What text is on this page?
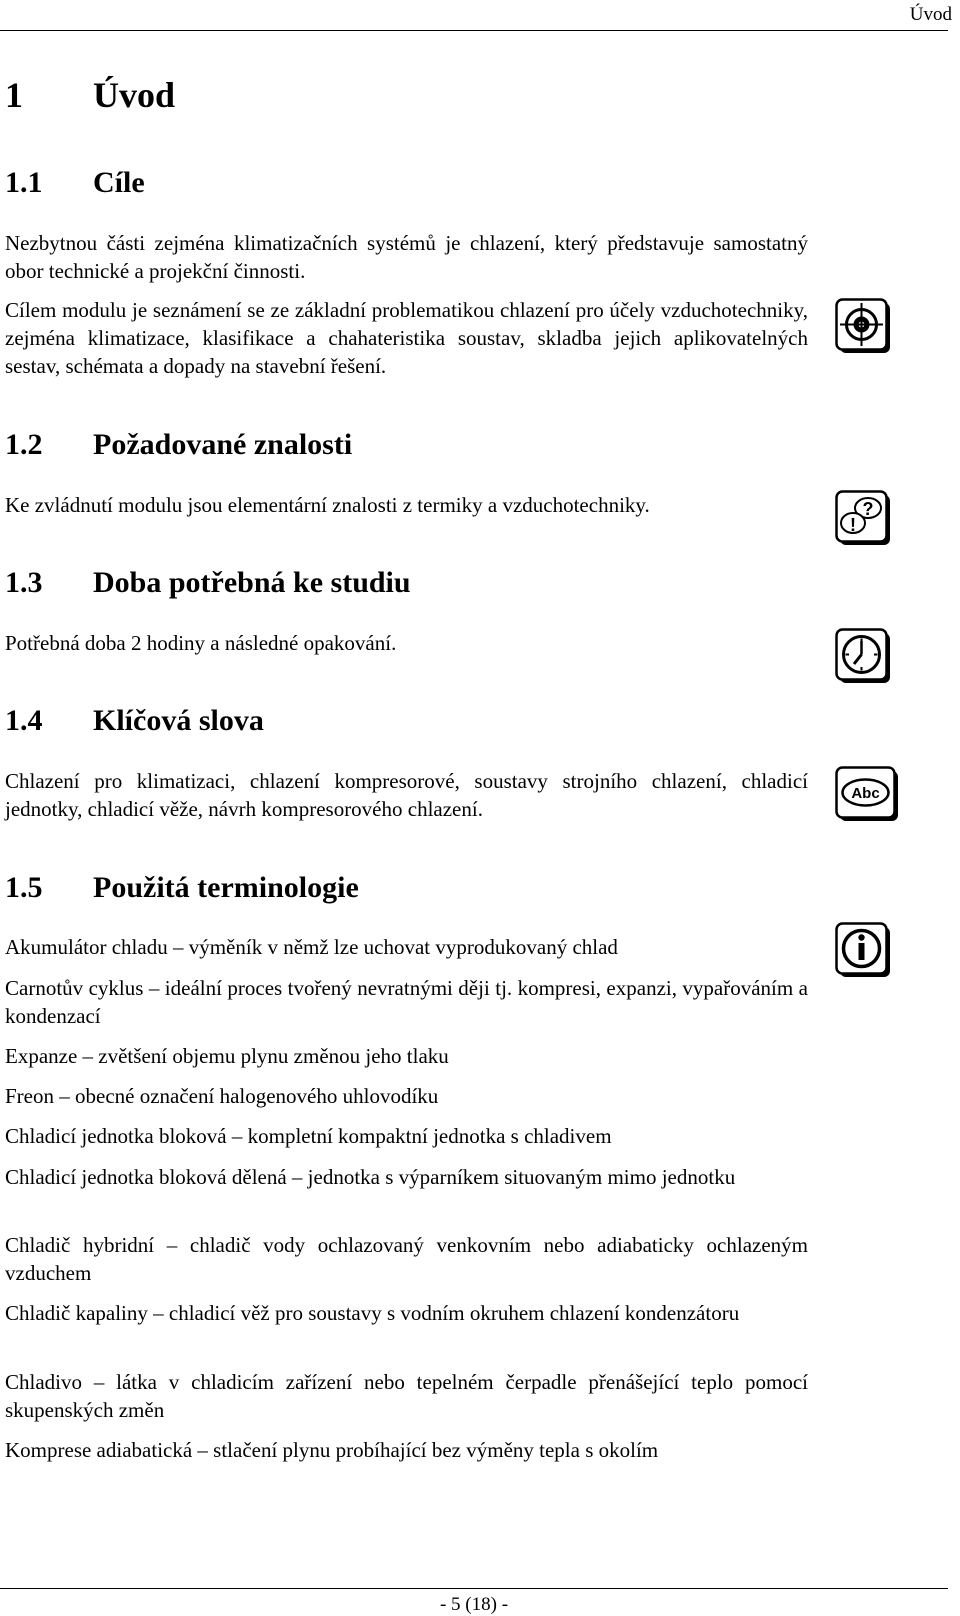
Úvod
1 Úvod
1.1 Cíle
Nezbytnou části zejména klimatizačních systémů je chlazení, který představuje samostatný obor technické a projekční činnosti.
Cílem modulu je seznámení se ze základní problematikou chlazení pro účely vzduchotechniky, zejména klimatizace, klasifikace a chahateristika soustav, skladba jejich aplikovatelných sestav, schémata a dopady na stavební řešení.
1.2 Požadované znalosti
Ke zvládnutí modulu jsou elementární znalosti z termiky a vzduchotechniky.	?
!
1.3 Doba potřebná ke studiu
Potřebná doba 2 hodiny a následné opakování.
1.4 Klíčová slova
Chlazení pro klimatizaci, chlazení kompresorové, soustavy strojního chlazení, chladicí jednotky, chladicí věže, návrh kompresorového chlazení.
Abc
1.5 Použitá terminologie
Akumulátor chladu – výměník v němž lze uchovat vyprodukovaný chlad
Carnotův cyklus – ideální proces tvořený nevratnými ději tj. kompresi, expanzi, vypařováním a kondenzací
Expanze – zvětšení objemu plynu změnou jeho tlaku
Freon – obecné označení halogenového uhlovodíku
Chladicí jednotka bloková – kompletní kompaktní jednotka s chladivem
Chladicí jednotka bloková dělená – jednotka s výparníkem situovaným mimo jednotku
Chladič hybridní – chladič vody ochlazovaný venkovním nebo adiabaticky ochlazeným vzduchem
Chladič kapaliny – chladicí věž pro soustavy s vodním okruhem chlazení kondenzátoru
Chladivo – látka v chladicím zařízení nebo tepelném čerpadle přenášející teplo pomocí skupenských změn
Komprese adiabatická – stlačení plynu probíhající bez výměny tepla s okolím
- 5 (18) -
